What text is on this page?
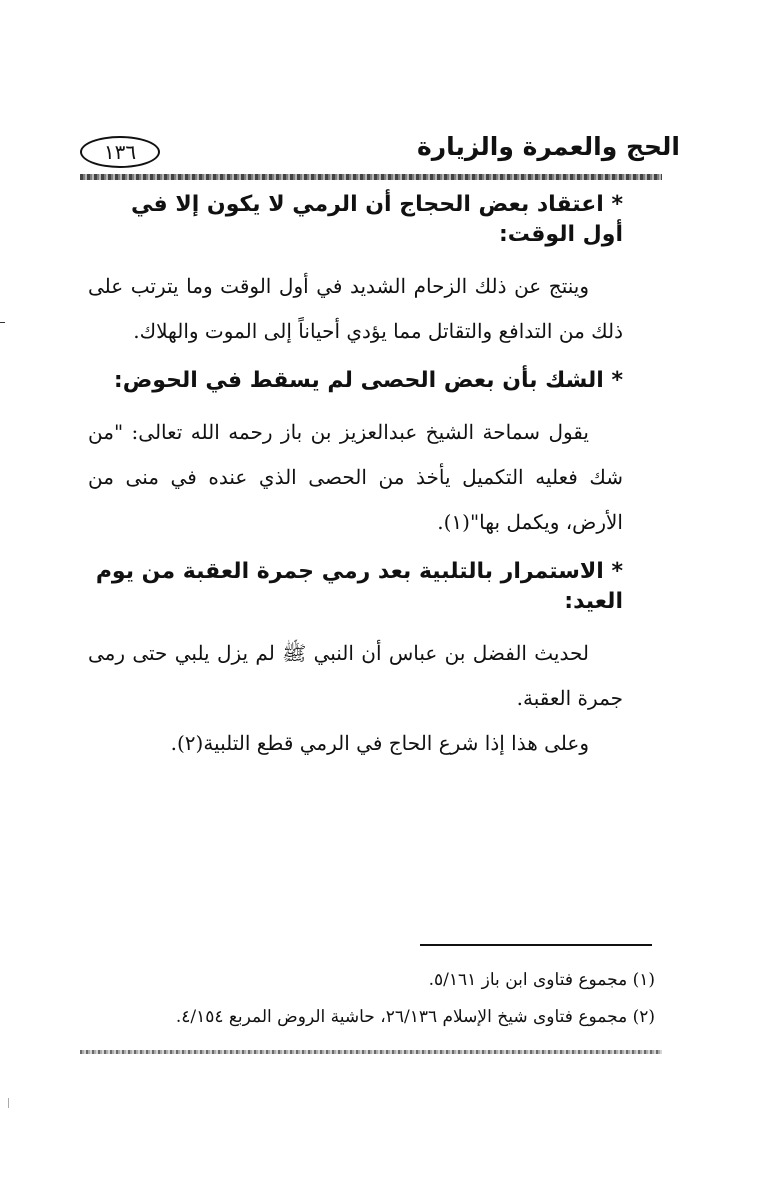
الحج والعمرة والزيارة
١٣٦
* اعتقاد بعض الحجاج أن الرمي لا يكون إلا في أول الوقت:

وينتج عن ذلك الزحام الشديد في أول الوقت وما يترتب على ذلك من التدافع والتقاتل مما يؤدي أحياناً إلى الموت والهلاك.

* الشك بأن بعض الحصى لم يسقط في الحوض:

يقول سماحة الشيخ عبدالعزيز بن باز رحمه الله تعالى: "من شك فعليه التكميل يأخذ من الحصى الذي عنده في منى من الأرض، ويكمل بها"(١).

* الاستمرار بالتلبية بعد رمي جمرة العقبة من يوم العيد:

لحديث الفضل بن عباس أن النبي ﷺ لم يزل يلبي حتى رمى جمرة العقبة.

وعلى هذا إذا شرع الحاج في الرمي قطع التلبية(٢).

(١) مجموع فتاوى ابن باز ٥/١٦١.
(٢) مجموع فتاوى شيخ الإسلام ٢٦/١٣٦، حاشية الروض المربع ٤/١٥٤.
